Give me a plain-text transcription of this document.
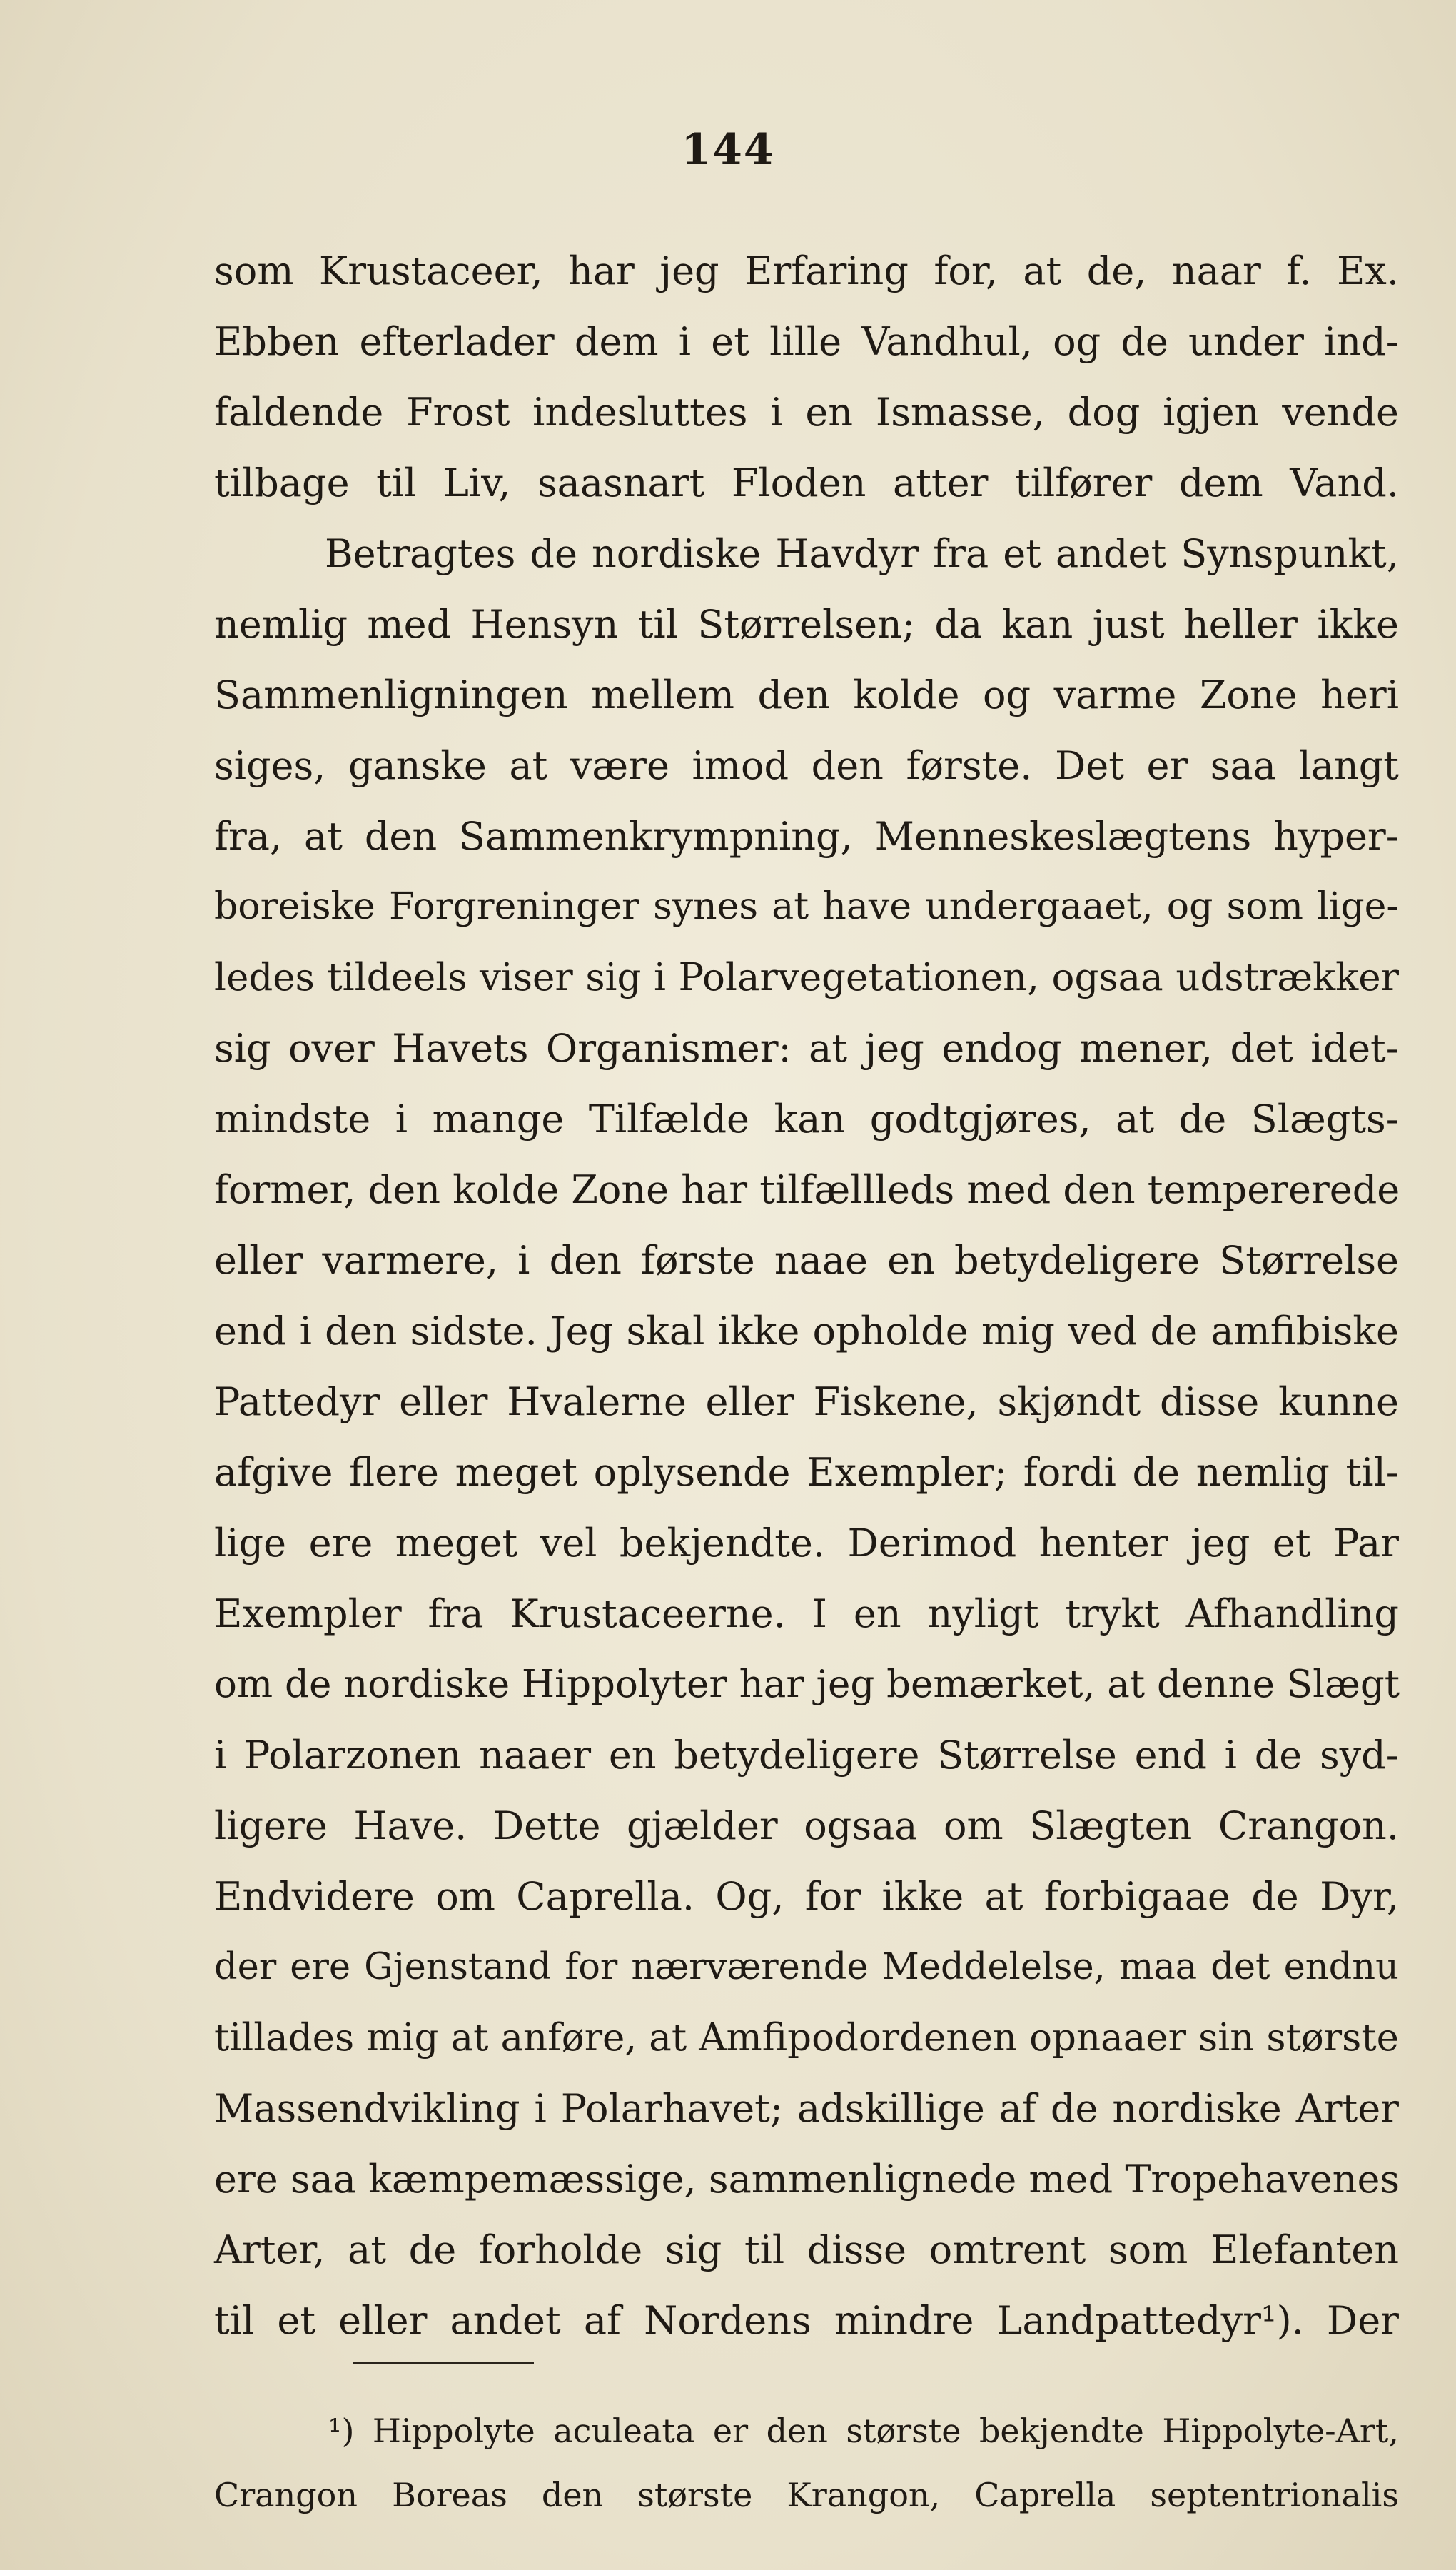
144
som Krustaceer, har jeg Erfaring for, at de, naar f. Ex.
Ebben efterlader dem i et lille Vandhul, og de under ind-
faldende Frost indesluttes i en Ismasse, dog igjen vende
tilbage til Liv, saasnart Floden atter tilfører dem Vand.
Betragtes de nordiske Havdyr fra et andet Synspunkt,
nemlig med Hensyn til Størrelsen; da kan just heller ikke
Sammenligningen mellem den kolde og varme Zone heri
siges, ganske at være imod den første. Det er saa langt
fra, at den Sammenkrympning, Menneskeslægtens hyper-
boreiske Forgreninger synes at have undergaaet, og som lige-
ledes tildeels viser sig i Polarvegetationen, ogsaa udstrækker
sig over Havets Organismer: at jeg endog mener, det idet-
mindste i mange Tilfælde kan godtgjøres, at de Slægts-
former, den kolde Zone har tilfællleds med den tempererede
eller varmere, i den første naae en betydeligere Størrelse
end i den sidste. Jeg skal ikke opholde mig ved de amfibiske
Pattedyr eller Hvalerne eller Fiskene, skjøndt disse kunne
afgive flere meget oplysende Exempler; fordi de nemlig til-
lige ere meget vel bekjendte. Derimod henter jeg et Par
Exempler fra Krustaceerne. I en nyligt trykt Afhandling
om de nordiske Hippolyter har jeg bemærket, at denne Slægt
i Polarzonen naaer en betydeligere Størrelse end i de syd-
ligere Have. Dette gjælder ogsaa om Slægten Crangon.
Endvidere om Caprella. Og, for ikke at forbigaae de Dyr,
der ere Gjenstand for nærværende Meddelelse, maa det endnu
tillades mig at anføre, at Amfipodordenen opnaaer sin største
Massendvikling i Polarhavet; adskillige af de nordiske Arter
ere saa kæmpemæssige, sammenlignede med Tropehavenes
Arter, at de forholde sig til disse omtrent som Elefanten
til et eller andet af Nordens mindre Landpattedyr¹). Der
¹) Hippolyte aculeata er den største bekjendte Hippolyte-Art,
Crangon Boreas den største Krangon, Caprella septentrionalis
